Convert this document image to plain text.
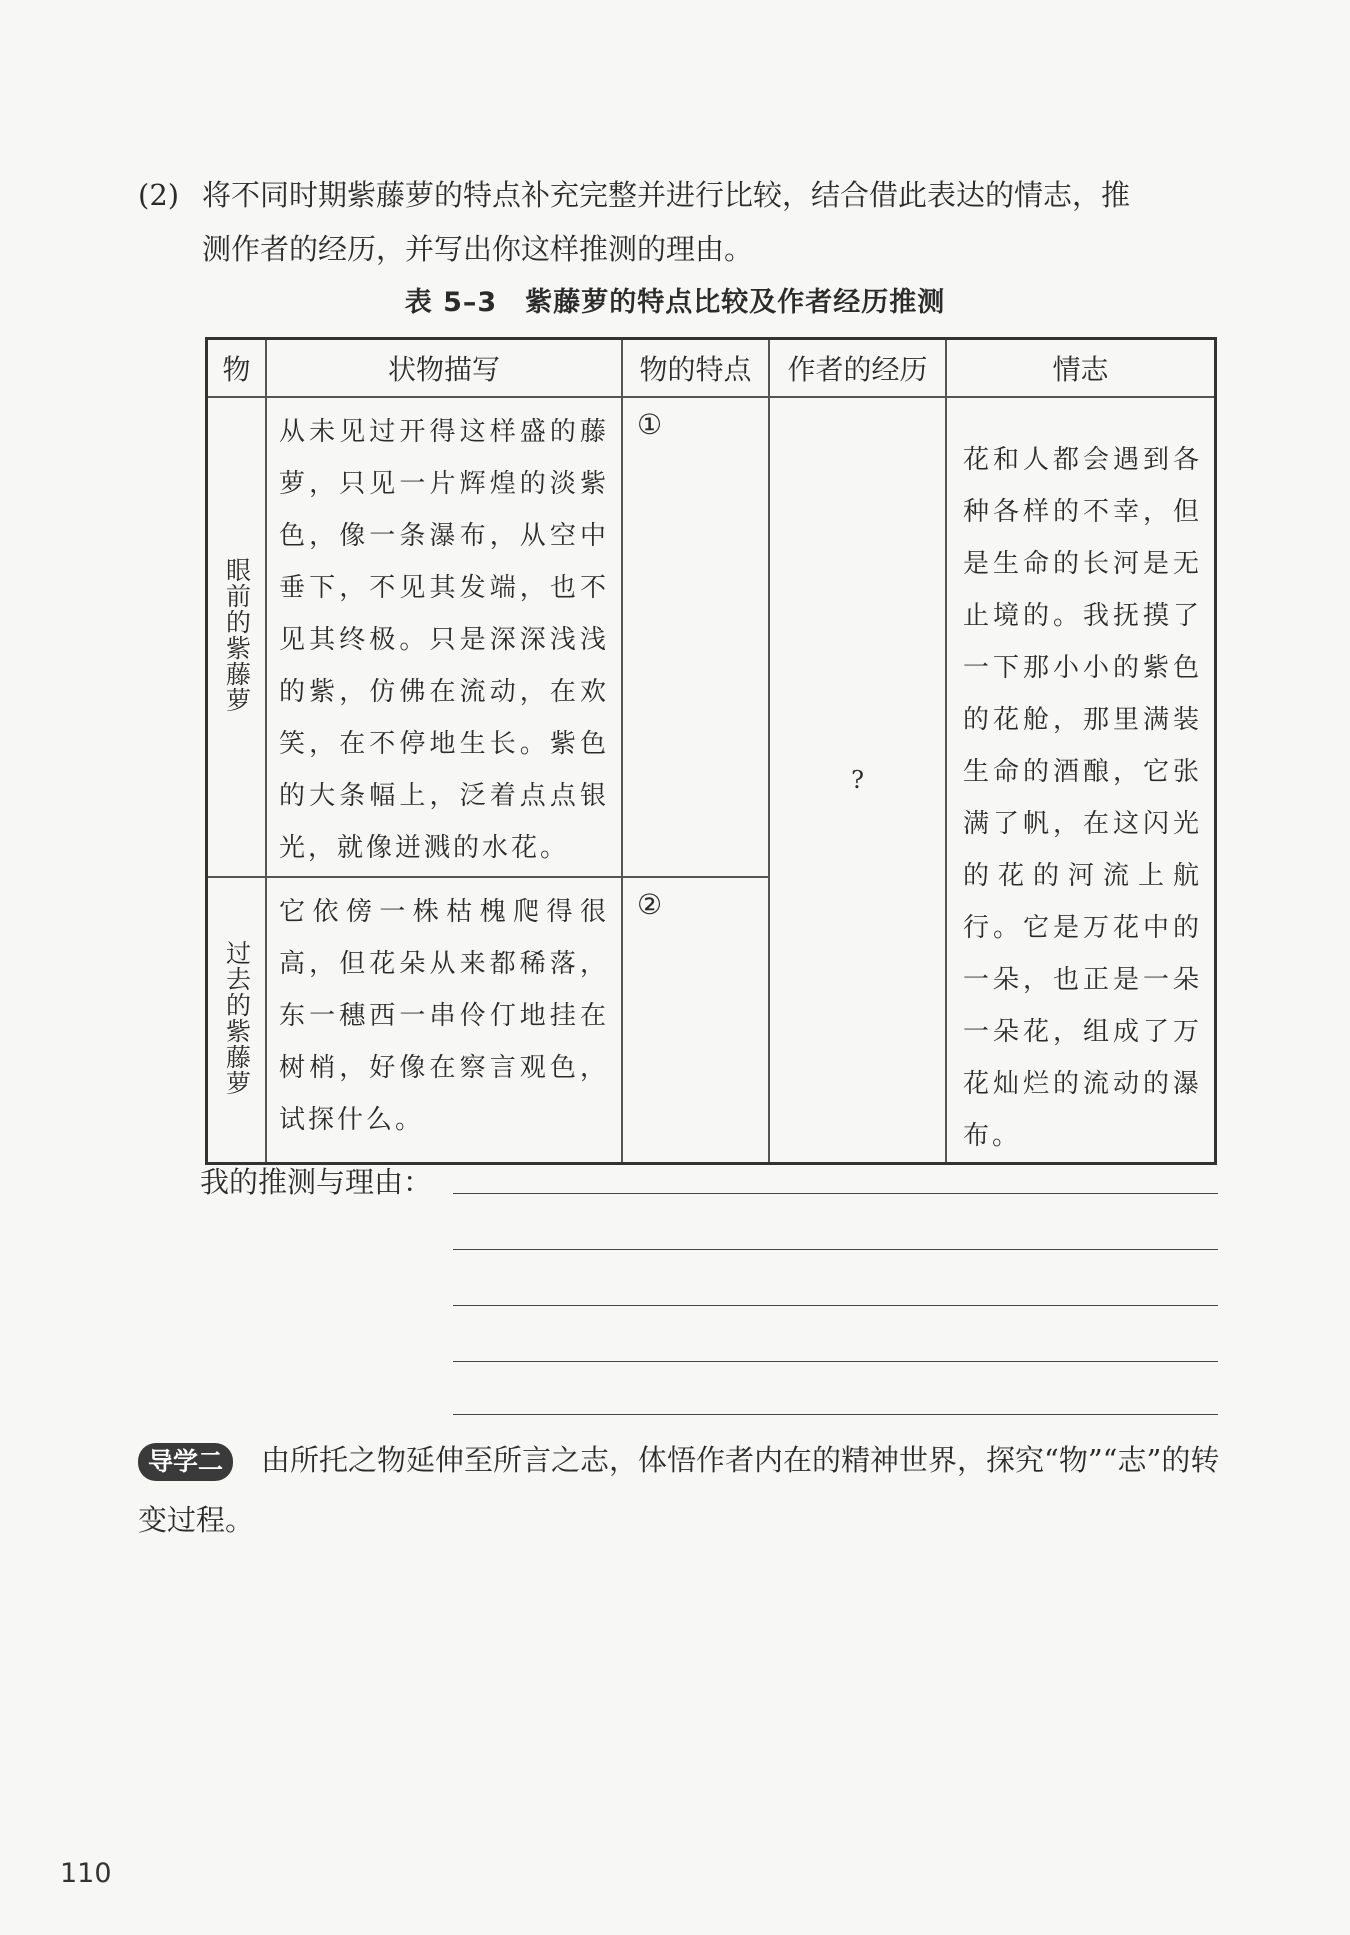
(2) 将不同时期紫藤萝的特点补充完整并进行比较，结合借此表达的情志，推
测作者的经历，并写出你这样推测的理由。
表 5–3　紫藤萝的特点比较及作者经历推测
物	状物描写	物的特点	作者的经历	情志
眼前的紫藤萝	从未见过开得这样盛的藤萝，只见一片辉煌的淡紫色，像一条瀑布，从空中垂下，不见其发端，也不见其终极。只是深深浅浅的紫，仿佛在流动，在欢笑，在不停地生长。紫色的大条幅上，泛着点点银光，就像迸溅的水花。	①	?	花和人都会遇到各种各样的不幸，但是生命的长河是无止境的。我抚摸了一下那小小的紫色的花舱，那里满装生命的酒酿，它张满了帆，在这闪光的花的河流上航行。它是万花中的一朵，也正是一朵一朵花，组成了万花灿烂的流动的瀑布。

过去的紫藤萝	它依傍一株枯槐爬得很高，但花朵从来都稀落，东一穗西一串伶仃地挂在树梢，好像在察言观色，试探什么。	②		
我的推测与理由：
导学二 由所托之物延伸至所言之志，体悟作者内在的精神世界，探究“物”“志”的转变过程。
110
